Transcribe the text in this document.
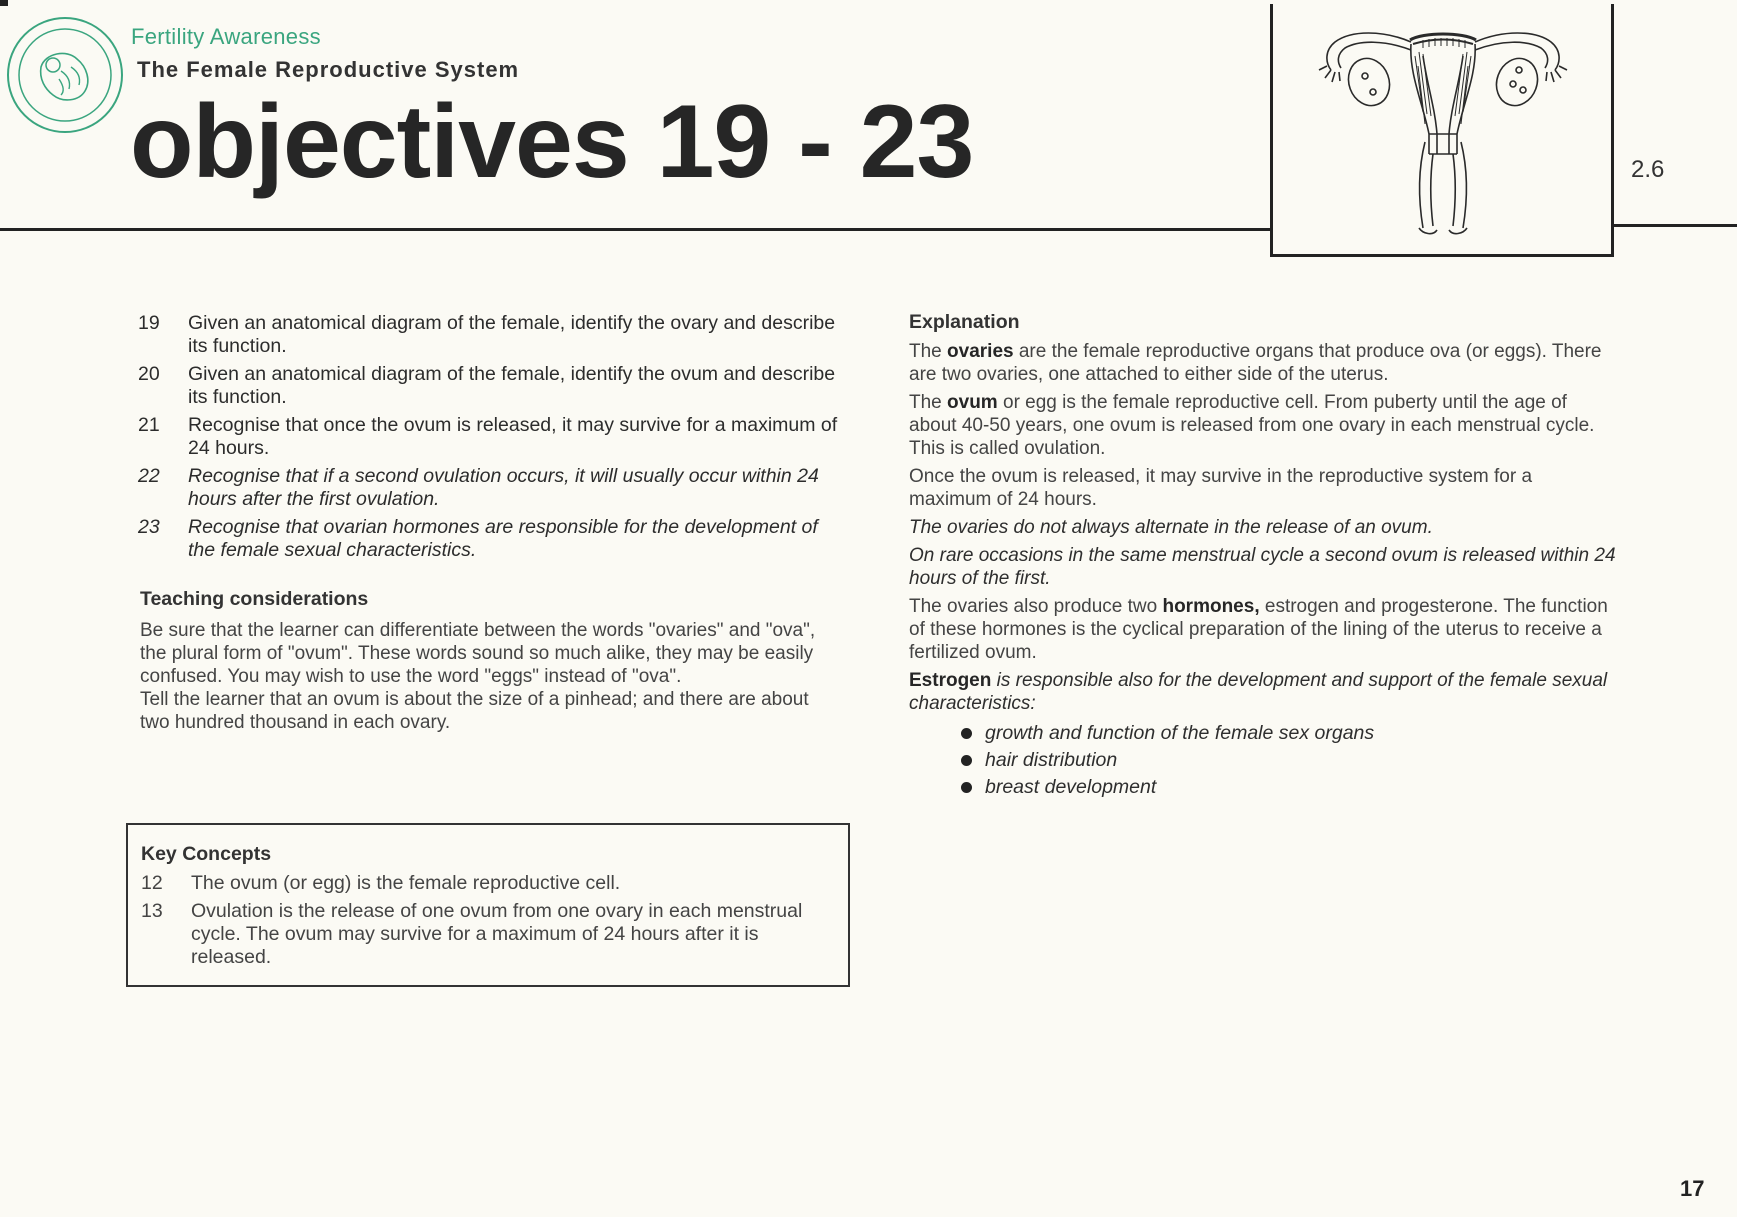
Fertility Awareness
The Female Reproductive System
objectives 19 - 23	2.6
19	Given an anatomical diagram of the female, identify the ovary and describe its function.
20	Given an anatomical diagram of the female, identify the ovum and describe its function.
21	Recognise that once the ovum is released, it may survive for a maximum of 24 hours.
22	Recognise that if a second ovulation occurs, it will usually occur within 24 hours after the first ovulation.
23	Recognise that ovarian hormones are responsible for the development of the female sexual characteristics.
Teaching considerations

Be sure that the learner can differentiate between the words "ovaries" and "ova", the plural form of "ovum". These words sound so much alike, they may be easily confused. You may wish to use the word "eggs" instead of "ova".

Tell the learner that an ovum is about the size of a pinhead; and there are about two hundred thousand in each ovary.

Key Concepts
12	The ovum (or egg) is the female reproductive cell.
13	Ovulation is the release of one ovum from one ovary in each menstrual cycle. The ovum may survive for a maximum of 24 hours after it is released.
Explanation

The ovaries are the female reproductive organs that produce ova (or eggs). There are two ovaries, one attached to either side of the uterus.

The ovum or egg is the female reproductive cell. From puberty until the age of about 40-50 years, one ovum is released from one ovary in each menstrual cycle. This is called ovulation.

Once the ovum is released, it may survive in the reproductive system for a maximum of 24 hours.

The ovaries do not always alternate in the release of an ovum.

On rare occasions in the same menstrual cycle a second ovum is released within 24 hours of the first.

The ovaries also produce two hormones, estrogen and progesterone. The function of these hormones is the cyclical preparation of the lining of the uterus to receive a fertilized ovum.

Estrogen is responsible also for the development and support of the female sexual characteristics:

growth and function of the female sex organs
hair distribution
breast development
17
